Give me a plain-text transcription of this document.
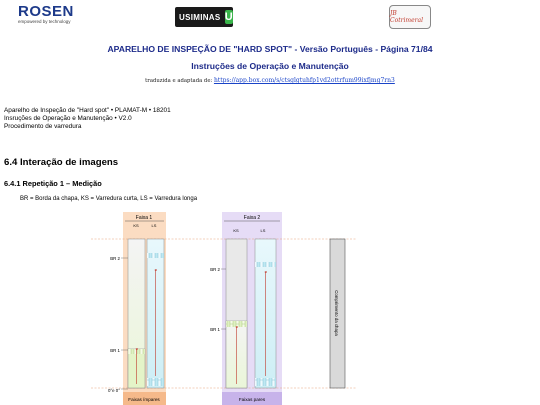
ROSEN
empowered by technology	USIMINAS U	JB Cotrimeral
APARELHO DE INSPEÇÃO DE "HARD SPOT" - Versão Português - Página 71/84
Instruções de Operação e Manutenção
traduzida e adaptada de: https://app.box.com/s/ctsglgtuhfp1vd2ottrfum99ixfjmg7rn3
Aparelho de Inspeção de "Hard spot" • PLAMAT-M • 18201
Insruções de Operação e Manutenção • V2.0
Procedimento de varredura
6.4 Interação de imagens
6.4.1 Repetição 1 – Medição
BR = Borda da chapa, KS = Varredura curta, LS = Varredura longa
Faixa 1
KS	LS
Faixas ímpares
Faixa 2
KS	LS
Faixas pares
BR 2
BR 1
0°e 0°
BR 2
BR 1	Comprimento da chapa
